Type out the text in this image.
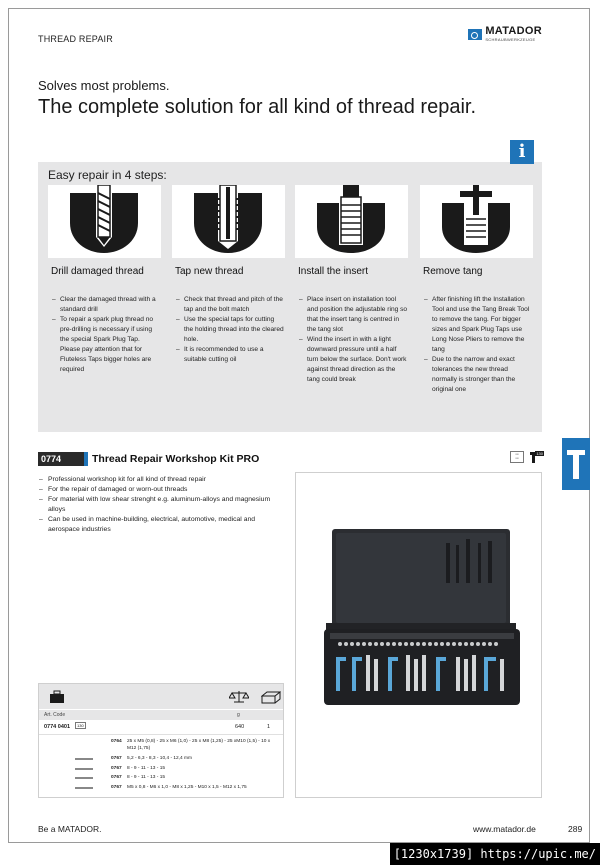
THREAD REPAIR
MATADOR
SCHRAUBWERKZEUGE
Solves most problems.
The complete solution for all kind of thread repair.
Easy repair in 4 steps:
i
Drill damaged thread
– Clear the damaged thread with a standard drill
– To repair a spark plug thread no pre-drilling is necessary if using the special Spark Plug Tap. Please pay attention that for Fluteless Taps bigger holes are required
Tap new thread
– Check that thread and pitch of the tap and the bolt match
– Use the special taps for cutting the holding thread into the cleared hole.
– It is recommended to use a suitable cutting oil
Install the insert
– Place insert on installation tool and position the adjustable ring so that the insert tang is centred in the tang slot
– Wind the insert in with a light downward pressure until a half turn below the surface. Don't work against thread direction as the tang could break
Remove tang
– After finishing lift the Installation Tool and use the Tang Break Tool to remove the tang. For bigger sizes and Spark Plug Taps use Long Nose Pliers to remove the tang
– Due to the narrow and exact tolerances the new thread normally is stronger than the original one
0774	Thread Repair Workshop Kit PRO	▪▪▪
▪▪▪
130
– Professional workshop kit for all kind of thread repair
– For the repair of damaged or worn-out threads
– For material with low shear strenght e.g. aluminum-alloys and magnesium alloys
– Can be used in machine-building, electrical, automotive, medical and aerospace industries
Art. Code	g
0774 0401	130	640	1
0764 25 x M5 (0,8) - 25 x M6 (1,0) - 25 x M8 (1,25) - 25 xM10 (1,5) - 10 x M12 (1,75)
0767 5,2 - 6,3 - 8,3 - 10,4 - 12,4 mm
0767 8 - 9 - 11 - 13 - 15
0767 8 - 9 - 11 - 13 - 15
0767 M5 x 0,8 - M6 x 1,0 - M8 x 1,25 - M10 x 1,5 - M12 x 1,75
Be a MATADOR.	www.matador.de	289
[1230x1739] https://upic.me/
